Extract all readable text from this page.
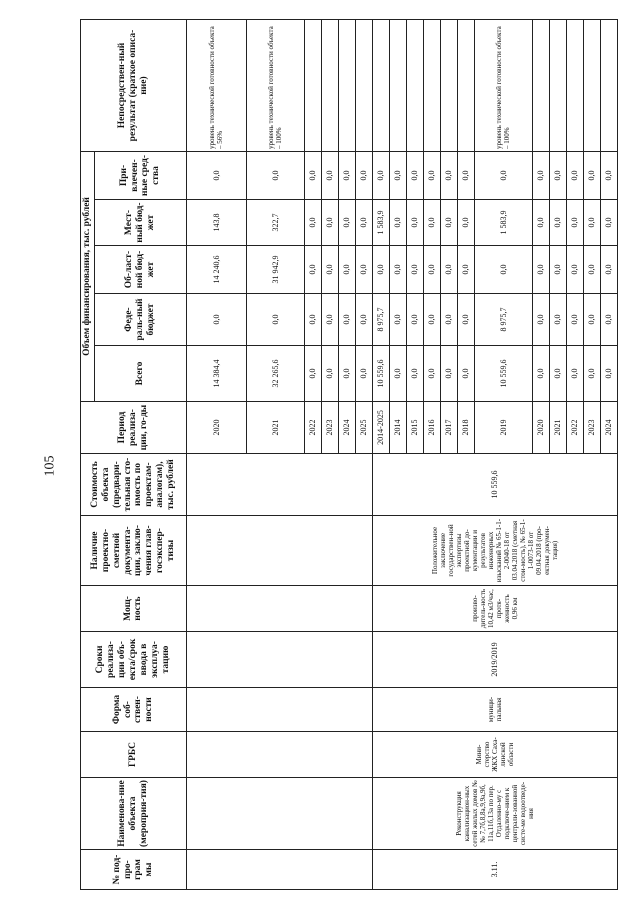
105
№ под-про-грам мы	Наименова-ние объекта (мероприя-тия)	ГРБС	Форма соб-ствен-ности	Сроки реализа-ции объ-екта/срок ввода в эксплуа-тацию	Мощ-ность	Наличие проектно-сметной документа-ции, заклю-чения глав-госэкспер-тизы	Стоимость объекта (предвари-тельная сто-имость по проектам-аналогам), тыс. рублей	Период реализа-ции, го-ды	Объем финансирования, тыс. рублей					Непосредствен-ный результат (краткое описа-ние)
									Всего	Феде-раль-ный бюджет	Об-ласт-ной бюд-жет	Мест-ный бюд-жет	При-влечен-ные сред-ства	
								2020	14 384,4	0,0	14 240,6	143,8	0,0	уровень технической готовности объекта – 56%
								2021	32 265,6	0,0	31 942,9	322,7	0,0	уровень технической готовности объекта – 100%
								2022	0,0	0,0	0,0	0,0	0,0	
								2023	0,0	0,0	0,0	0,0	0,0	
								2024	0,0	0,0	0,0	0,0	0,0	
								2025	0,0	0,0	0,0	0,0	0,0	
3.11.	Реконструкция канализацион-ных сетей жилых домов №№ 7,7б,8,8а,9,9а,9б, 11а,11б,13а по пер. Отдаленно-му с подключе-нием к централи-зованной систе-ме водоотведе-ния	Мини-стерство ЖКХ Саха-линской области	муници-пальная	2019/2019	произво-дитель-ность 10,42 м3/час, протя-женность 0,96 км	Положительное заключение государствен-ной экспертизы проектной до-кументации и результатов инженерных изысканий № 65-1-1-2-0040-18 от 03.04.2018 (сметная стои-мость), № 65-1-1-0073-18 от 09.04.2018 (про-ектная докумен-тация)	10 559,6	2014-2025	10 559,6	8 975,7	0,0	1 583,9	0,0	
								2014	0,0	0,0	0,0	0,0	0,0	
								2015	0,0	0,0	0,0	0,0	0,0	
								2016	0,0	0,0	0,0	0,0	0,0	
								2017	0,0	0,0	0,0	0,0	0,0	
								2018	0,0	0,0	0,0	0,0	0,0	
								2019	10 559,6	8 975,7	0,0	1 583,9	0,0	уровень технической готовности объекта – 100%
								2020	0,0	0,0	0,0	0,0	0,0	
								2021	0,0	0,0	0,0	0,0	0,0	
								2022	0,0	0,0	0,0	0,0	0,0	
								2023	0,0	0,0	0,0	0,0	0,0	
								2024	0,0	0,0	0,0	0,0	0,0	
